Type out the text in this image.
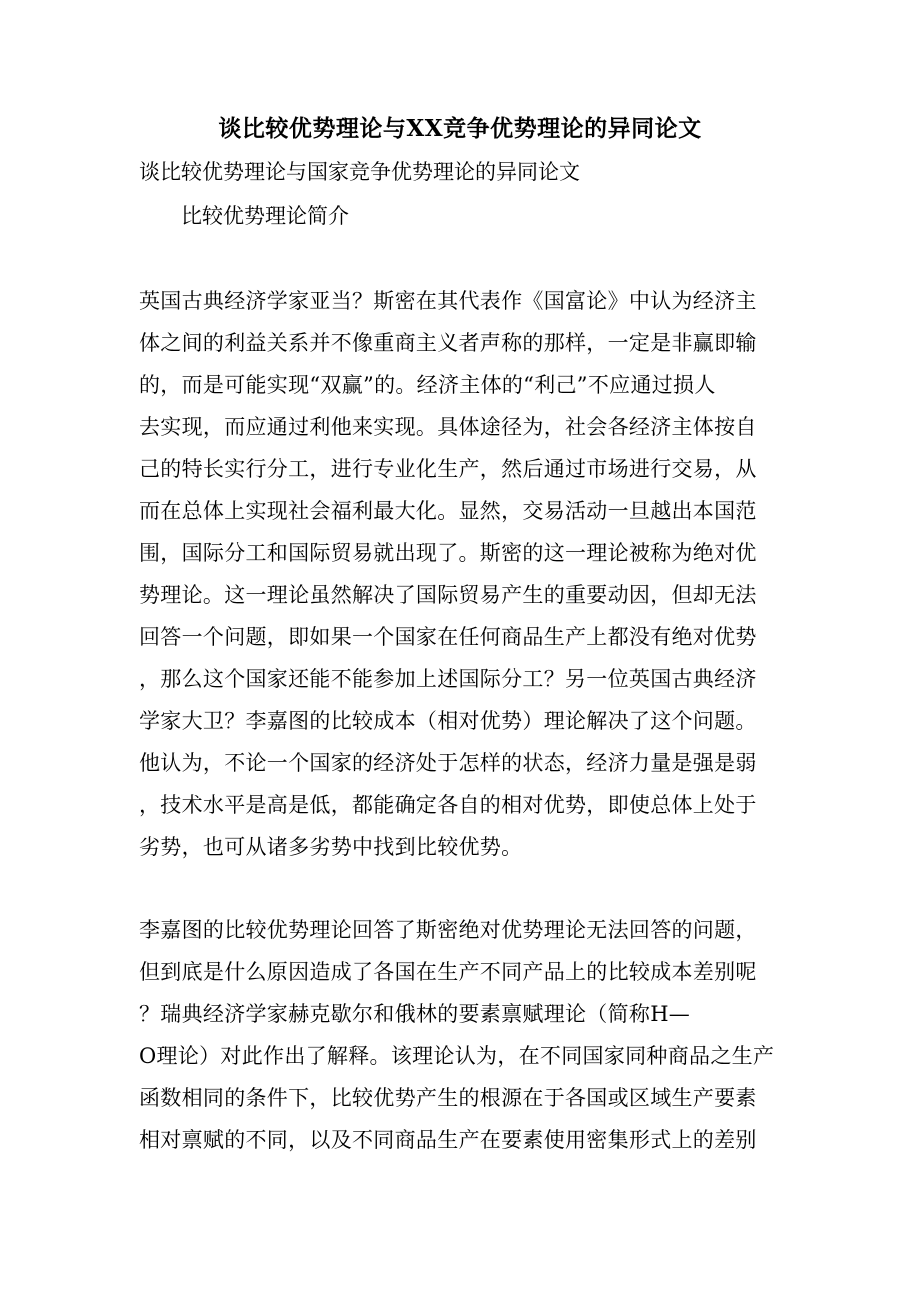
谈比较优势理论与XX竞争优势理论的异同论文
谈比较优势理论与国家竞争优势理论的异同论文
比较优势理论简介
英国古典经济学家亚当？斯密在其代表作《国富论》中认为经济主
体之间的利益关系并不像重商主义者声称的那样，一定是非赢即输
的，而是可能实现“双赢”的。经济主体的“利己”不应通过损人
去实现，而应通过利他来实现。具体途径为，社会各经济主体按自
己的特长实行分工，进行专业化生产，然后通过市场进行交易，从
而在总体上实现社会福利最大化。显然，交易活动一旦越出本国范
围，国际分工和国际贸易就出现了。斯密的这一理论被称为绝对优
势理论。这一理论虽然解决了国际贸易产生的重要动因，但却无法
回答一个问题，即如果一个国家在任何商品生产上都没有绝对优势
，那么这个国家还能不能参加上述国际分工？另一位英国古典经济
学家大卫？李嘉图的比较成本（相对优势）理论解决了这个问题。
他认为，不论一个国家的经济处于怎样的状态，经济力量是强是弱
，技术水平是高是低，都能确定各自的相对优势，即使总体上处于
劣势，也可从诸多劣势中找到比较优势。
李嘉图的比较优势理论回答了斯密绝对优势理论无法回答的问题，
但到底是什么原因造成了各国在生产不同产品上的比较成本差别呢
？瑞典经济学家赫克歇尔和俄林的要素禀赋理论（简称H—
O理论）对此作出了解释。该理论认为，在不同国家同种商品之生产
函数相同的条件下，比较优势产生的根源在于各国或区域生产要素
相对禀赋的不同，以及不同商品生产在要素使用密集形式上的差别
